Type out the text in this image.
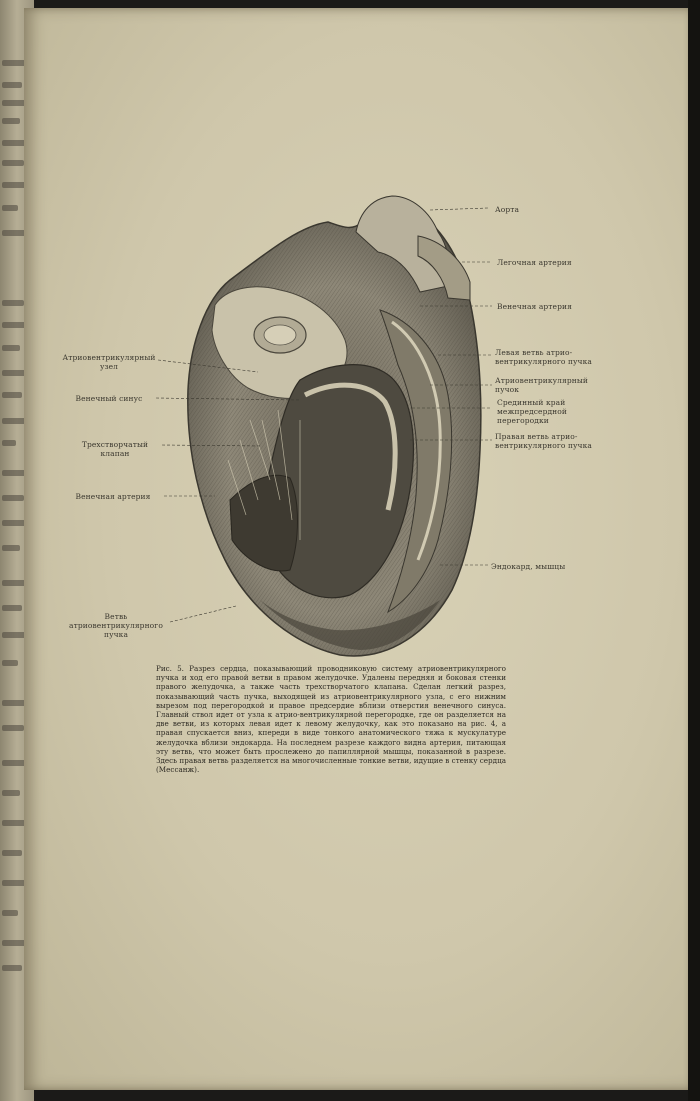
Аорта
Легочная артерия
Венечная артерия
Левая ветвь атрио-вентрикулярного пучка
Атриовентрикулярный пучок
Срединный край межпредсердной перегородки
Правая ветвь атрио-вентрикулярного пучка
Эндокард, мышцы
Атриовентрикулярный узел
Венечный синус
Трехстворчатый клапан
Венечная артерия
Ветвь атриовентрикулярного пучка
Рис. 5. Разрез сердца, показывающий проводниковую систему атриовентрикулярного пучка и ход его правой ветви в правом желудочке. Удалены передняя и боковая стенки правого желудочка, а также часть трехстворчатого клапана. Сделан легкий разрез, показывающий часть пучка, выходящей из атриовентрикулярного узла, с его нижним вырезом под перегородкой и правое предсердие вблизи отверстия венечного синуса. Главный ствол идет от узла к атрио-вентрикулярной перегородке, где он разделяется на две ветви, из которых левая идет к левому желудочку, как это показано на рис. 4, а правая спускается вниз, кпереди в виде тонкого анатомического тяжа к мускулатуре желудочка вблизи эндокарда. На последнем разрезе каждого видна артерия, питающая эту ветвь, что может быть прослежено до папиллярной мышцы, показанной в разрезе. Здесь правая ветвь разделяется на многочисленные тонкие ветви, идущие в стенку сердца (Мессанж).
